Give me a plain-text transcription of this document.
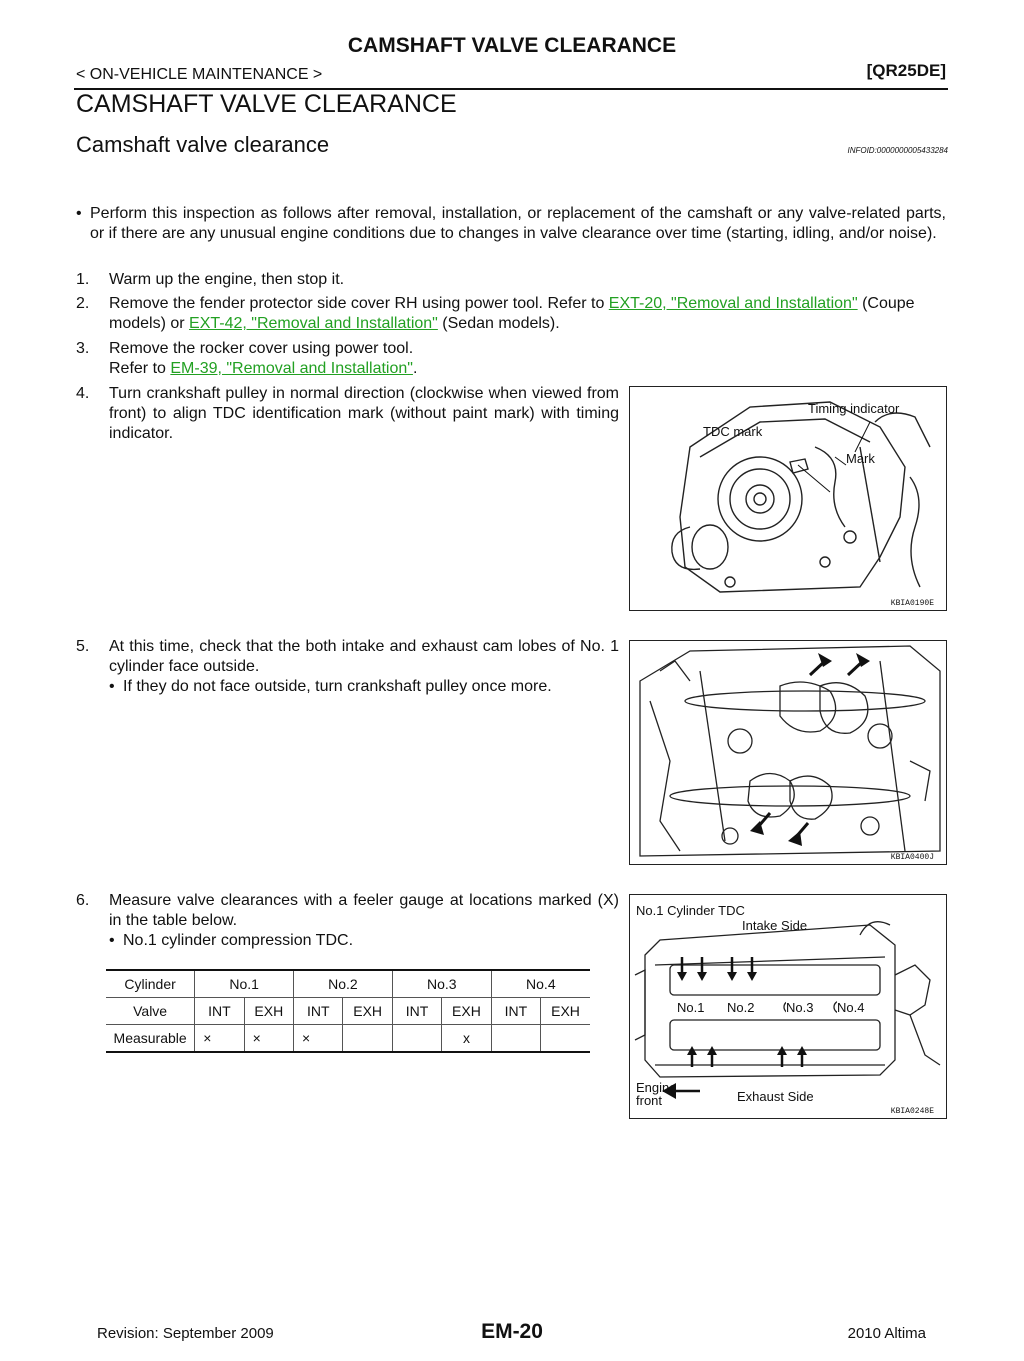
CAMSHAFT VALVE CLEARANCE
< ON-VEHICLE MAINTENANCE >	[QR25DE]
CAMSHAFT VALVE CLEARANCE
Camshaft valve clearance	INFOID:0000000005433284
• Perform this inspection as follows after removal, installation, or replacement of the camshaft or any valve-related parts, or if there are any unusual engine conditions due to changes in valve clearance over time (starting, idling, and/or noise).
1.	Warm up the engine, then stop it.
2.	Remove the fender protector side cover RH using power tool. Refer to EXT-20, "Removal and Installation" (Coupe models) or EXT-42, "Removal and Installation" (Sedan models).
3.	Remove the rocker cover using power tool.
Refer to EM-39, "Removal and Installation".
4.	Turn crankshaft pulley in normal direction (clockwise when viewed from front) to align TDC identification mark (without paint mark) with timing indicator.
Timing indicator
TDC mark
Mark
KBIA0190E
5.	At this time, check that the both intake and exhaust cam lobes of No. 1 cylinder face outside.
• If they do not face outside, turn crankshaft pulley once more.
KBIA0400J
6.	Measure valve clearances with a feeler gauge at locations marked (X) in the table below.
• No.1 cylinder compression TDC.
Cylinder	No.1		No.2		No.3		No.4	
Valve	INT	EXH	INT	EXH	INT	EXH	INT	EXH
Measurable	×	×	×			x		
No.1 Cylinder TDC
Intake Side
No.1 No.2 No.3 No.4
Engine
front	Exhaust Side
KBIA0248E
Revision: September 2009	EM-20	2010 Altima
